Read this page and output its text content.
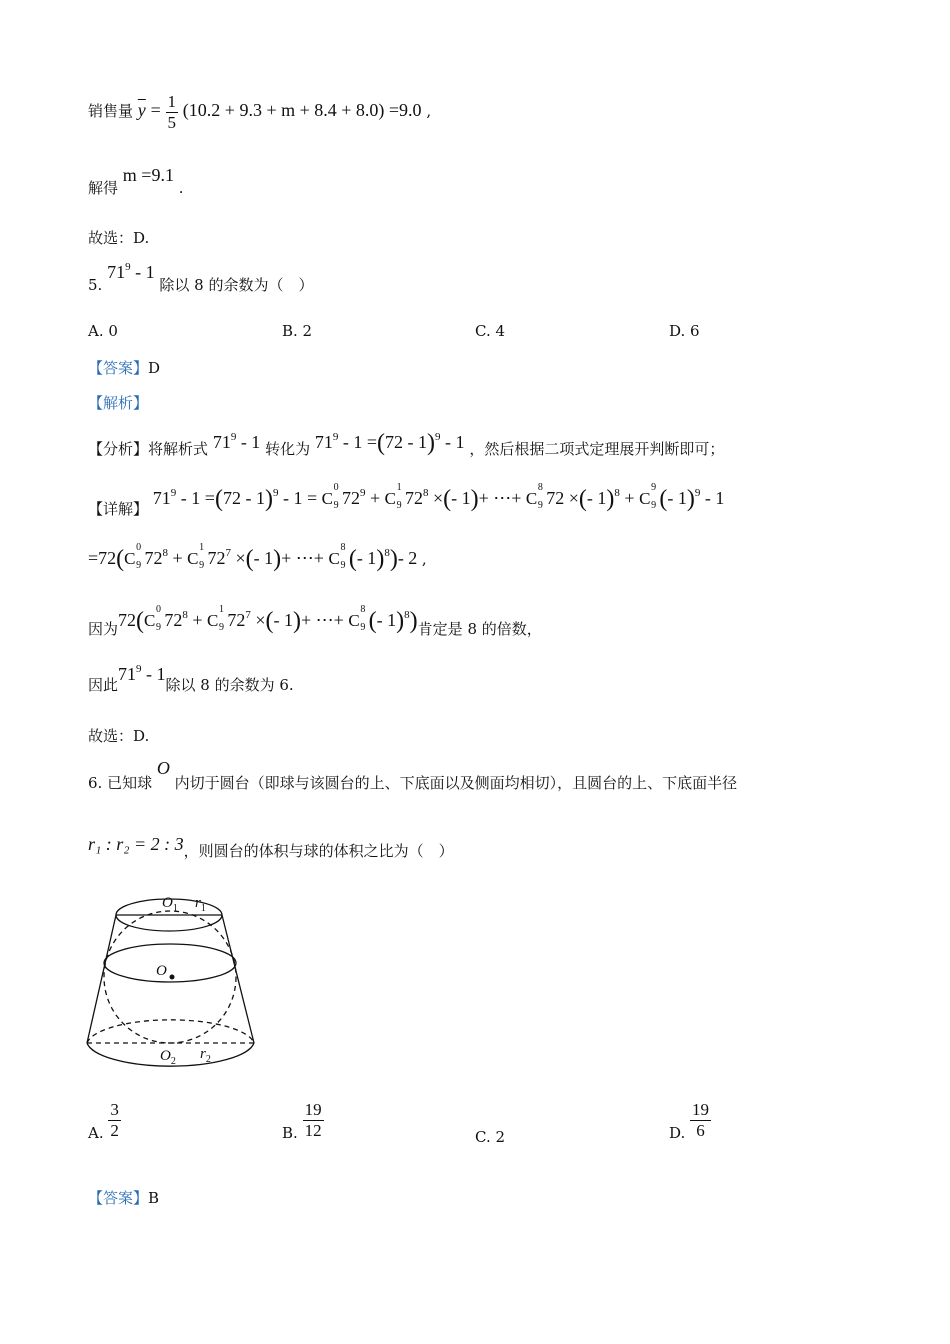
销售量 $\overline{y} = \frac{1}{5} (10.2 + 9.3 + m + 8.4 + 8.0) =9.0$ ,
解得 m =9.1 .
故选：D.
5. $71^9 - 1$ 除以 8 的余数为（　）
A. 0	B. 2	C. 4	D. 6
【答案】D
【解析】
【分析】将解析式 $71^9 - 1$ 转化为 $71^9 - 1 =(72 - 1)^9 - 1$ ，然后根据二项式定理展开判断即可；
【详解】 $71^9 - 1 =(72 - 1)^9 - 1 = C$
0
9 $72^9 + C$
1
9 $72^8$ ×(- 1)+ ⋯+ C
8
9 72 ×(- 1)$^8$ + C
9
9 (- 1)$^9$ - 1
=72(C
0
9 $72^8 + C$
1
9 $72^7$ ×(- 1)+ ⋯+ C
8
9 (- 1)$^8$)- 2 ,
因为72(C
0
9 $72^8 + C$
1
9 $72^7$ ×(- 1)+ ⋯+ C
8
9 (- 1)$^8$)肯定是 8 的倍数，
因此$71^9 - 1$除以 8 的余数为 6.
故选：D.
6. 已知球 O 内切于圆台（即球与该圆台的上、下底面以及侧面均相切），且圆台的上、下底面半径
r₁ : r₂ = 2 : 3，则圆台的体积与球的体积之比为（　）
$O_1$ $r_1$
O
$O_2$ $r_2$
A. $\frac{3}{2}$	B. $\frac{19}{12}$	C. 2	D. $\frac{19}{6}$
【答案】B
